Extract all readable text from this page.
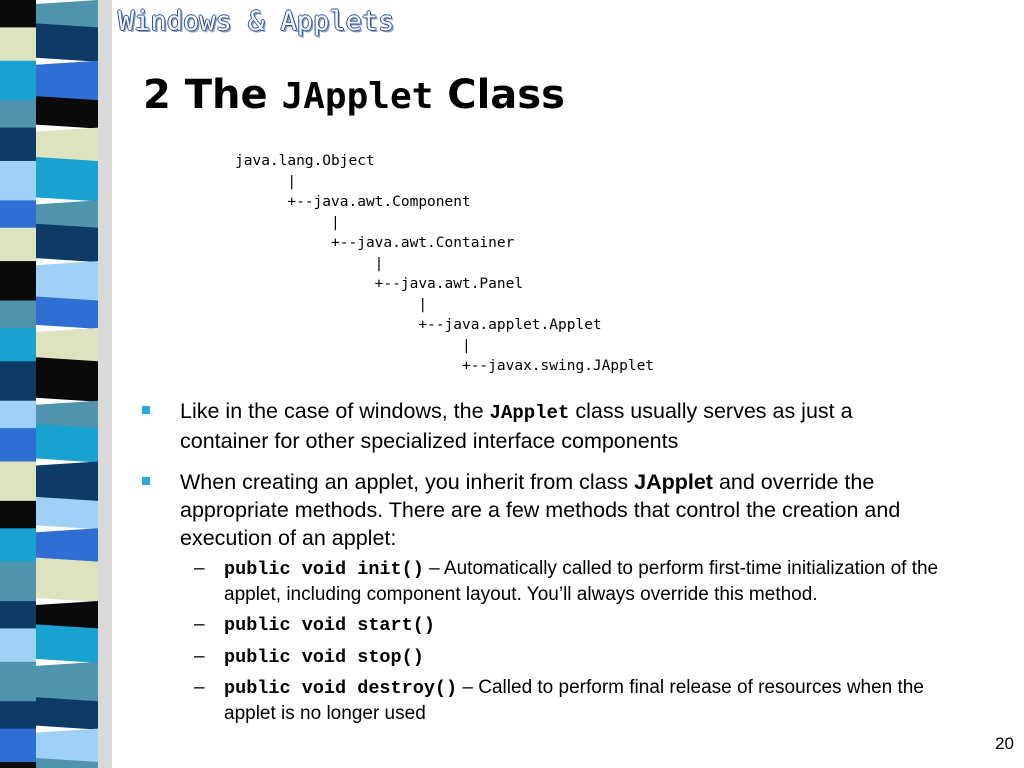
Windows & Applets
2 The JApplet Class
java.lang.Object
|
+--java.awt.Component
|
+--java.awt.Container
|
+--java.awt.Panel
|
+--java.applet.Applet
|
+--javax.swing.JApplet
Like in the case of windows, the JApplet class usually serves as just a container for other specialized interface components
When creating an applet, you inherit from class JApplet and override the appropriate methods. There are a few methods that control the creation and execution of an applet:
– public void init() – Automatically called to perform first-time initialization of the applet, including component layout. You’ll always override this method.
– public void start()
– public void stop()
– public void destroy() – Called to perform final release of resources when the applet is no longer used
20
